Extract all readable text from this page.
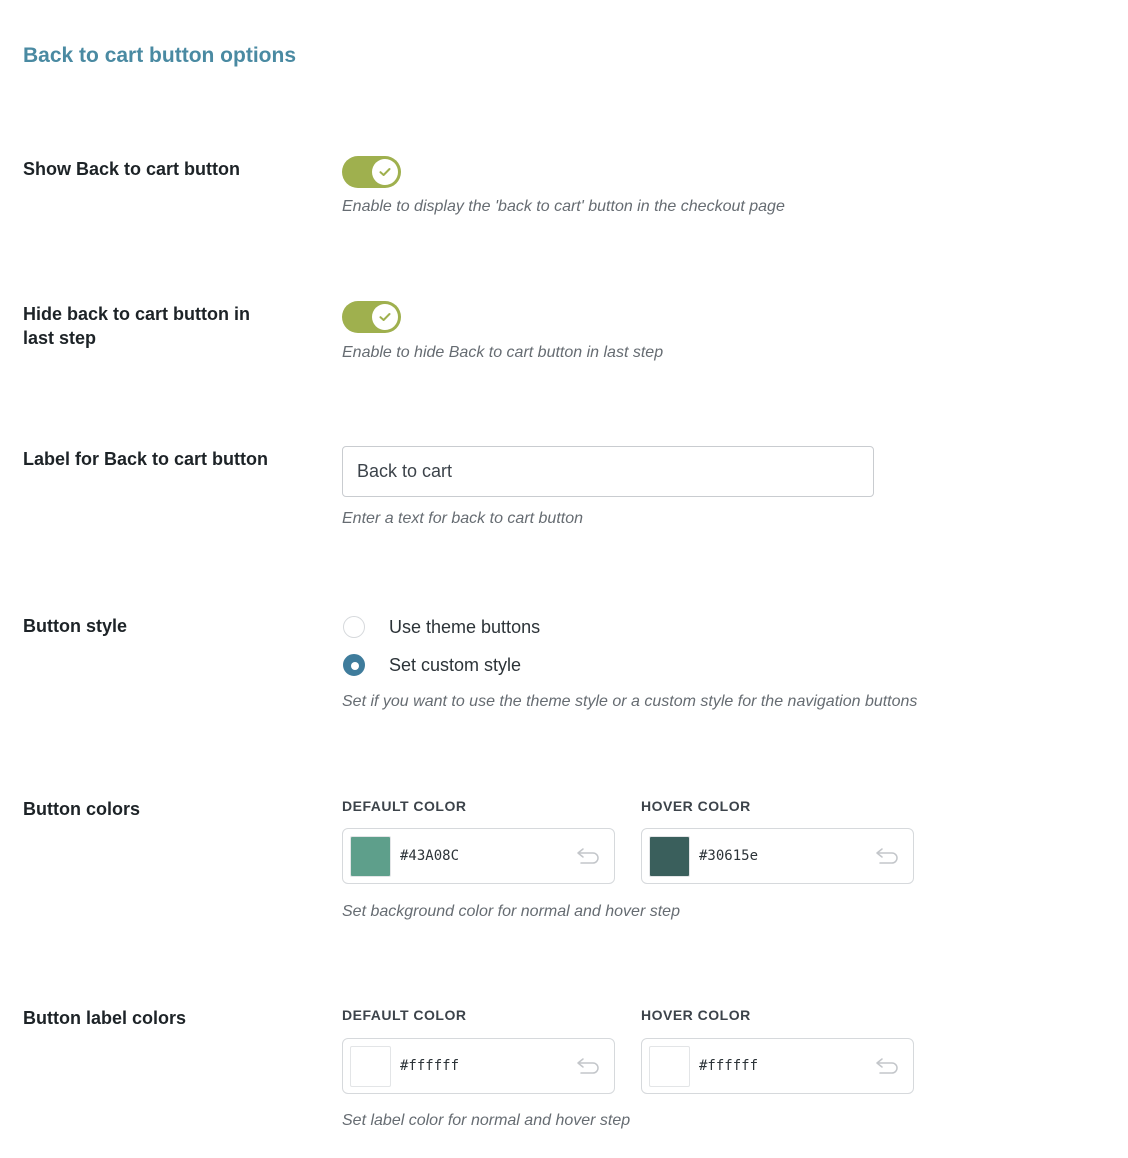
Back to cart button options
Show Back to cart button
Enable to display the 'back to cart' button in the checkout page
Hide back to cart button in
last step
Enable to hide Back to cart button in last step
Label for Back to cart button
Back to cart
Enter a text for back to cart button
Button style	Use theme buttons
Set custom style
Set if you want to use the theme style or a custom style for the navigation buttons
Button colors	DEFAULT COLOR	HOVER COLOR
#43A08C	#30615e
Set background color for normal and hover step
Button label colors	DEFAULT COLOR	HOVER COLOR
#ffffff	#ffffff
Set label color for normal and hover step
